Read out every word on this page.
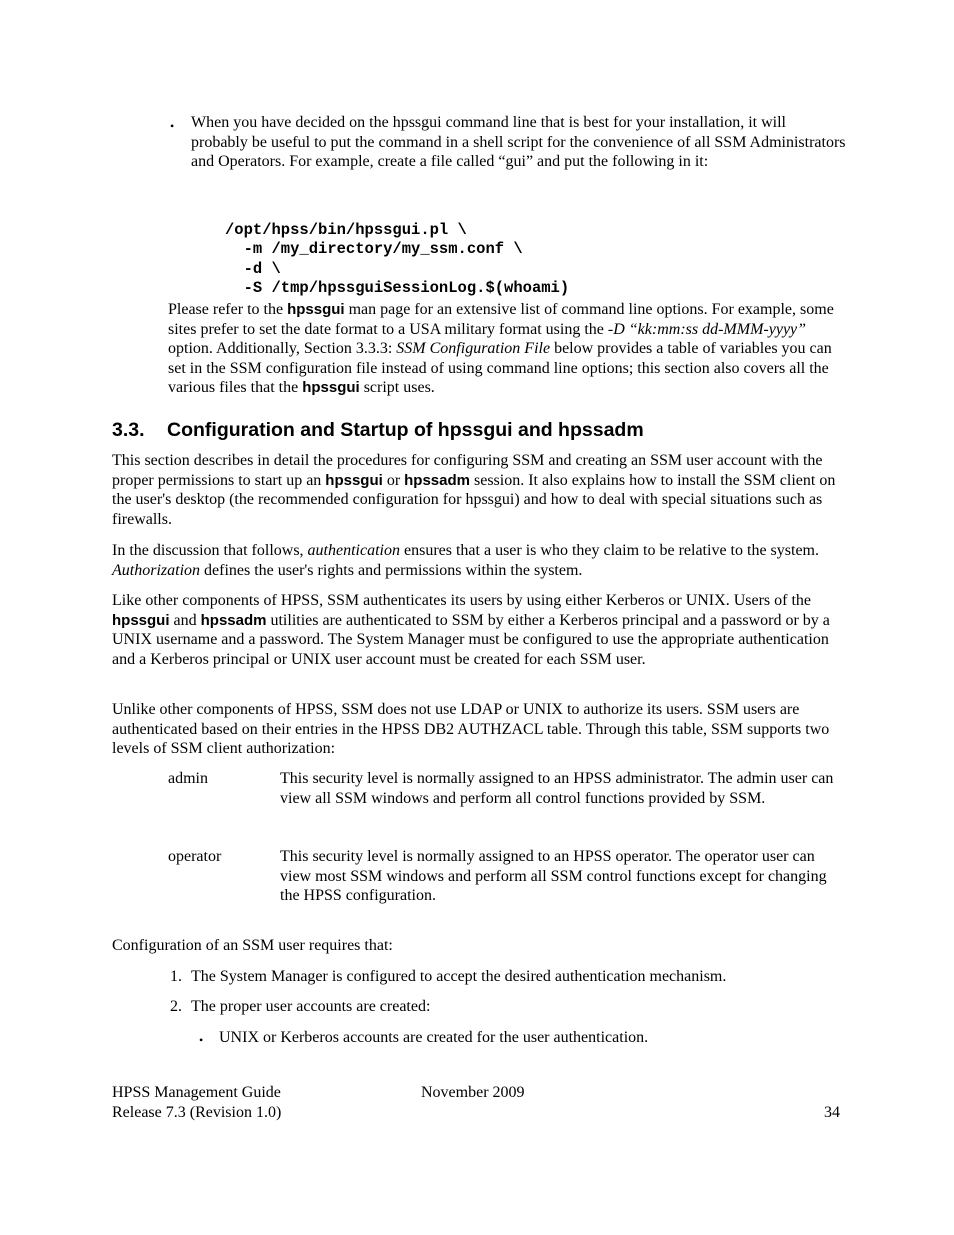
• When you have decided on the hpssgui command line that is best for your installation, it will probably be useful to put the command in a shell script for the convenience of all SSM Administrators and Operators. For example, create a file called “gui” and put the following in it:

/opt/hpss/bin/hpssgui.pl \
-m /my_directory/my_ssm.conf \
-d \
-S /tmp/hpssguiSessionLog.$(whoami)

Please refer to the hpssgui man page for an extensive list of command line options. For example, some sites prefer to set the date format to a USA military format using the -D “kk:mm:ss dd-MMM-yyyy” option. Additionally, Section 3.3.3: SSM Configuration File below provides a table of variables you can set in the SSM configuration file instead of using command line options; this section also covers all the various files that the hpssgui script uses.

3.3. Configuration and Startup of hpssgui and hpssadm

This section describes in detail the procedures for configuring SSM and creating an SSM user account with the proper permissions to start up an hpssgui or hpssadm session. It also explains how to install the SSM client on the user's desktop (the recommended configuration for hpssgui) and how to deal with special situations such as firewalls.

In the discussion that follows, authentication ensures that a user is who they claim to be relative to the system. Authorization defines the user's rights and permissions within the system.

Like other components of HPSS, SSM authenticates its users by using either Kerberos or UNIX. Users of the hpssgui and hpssadm utilities are authenticated to SSM by either a Kerberos principal and a password or by a UNIX username and a password. The System Manager must be configured to use the appropriate authentication and a Kerberos principal or UNIX user account must be created for each SSM user.

Unlike other components of HPSS, SSM does not use LDAP or UNIX to authorize its users. SSM users are authenticated based on their entries in the HPSS DB2 AUTHZACL table. Through this table, SSM supports two levels of SSM client authorization:

admin	This security level is normally assigned to an HPSS administrator. The admin user can view all SSM windows and perform all control functions provided by SSM.

operator	This security level is normally assigned to an HPSS operator. The operator user can view most SSM windows and perform all SSM control functions except for changing the HPSS configuration.

Configuration of an SSM user requires that:

1. The System Manager is configured to accept the desired authentication mechanism.

2. The proper user accounts are created:

• UNIX or Kerberos accounts are created for the user authentication.

HPSS Management Guide

Release 7.3 (Revision 1.0)

November 2009

34
